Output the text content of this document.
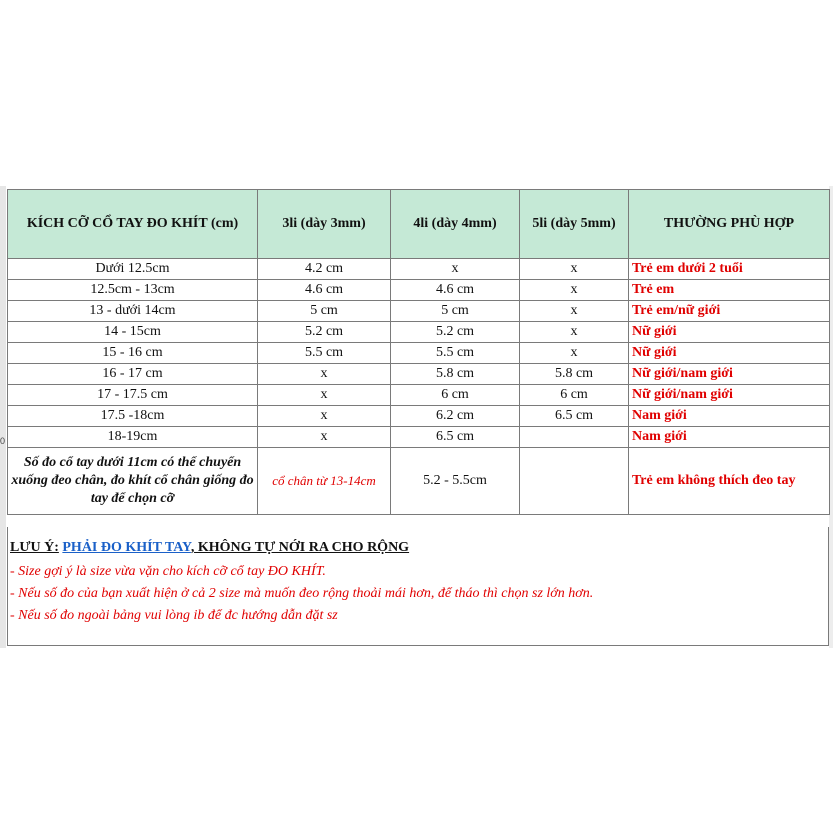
0
KÍCH CỠ CỔ TAY ĐO KHÍT (cm)	3li (dày 3mm)	4li (dày 4mm)	5li (dày 5mm)	THƯỜNG PHÙ HỢP
Dưới 12.5cm	4.2 cm	x	x	Trẻ em dưới 2 tuổi
12.5cm - 13cm	4.6 cm	4.6 cm	x	Trẻ em
13 - dưới 14cm	5 cm	5 cm	x	Trẻ em/nữ giới
14 - 15cm	5.2 cm	5.2 cm	x	Nữ giới
15 - 16 cm	5.5 cm	5.5 cm	x	Nữ giới
16 - 17 cm	x	5.8 cm	5.8 cm	Nữ giới/nam giới
17 - 17.5 cm	x	6 cm	6 cm	Nữ giới/nam giới
17.5 -18cm	x	6.2 cm	6.5 cm	Nam giới
18-19cm	x	6.5 cm		Nam giới
Số đo cổ tay dưới 11cm có thể chuyển xuống đeo chân, đo khít cổ chân giống đo tay để chọn cỡ	cổ chân từ 13-14cm	5.2 - 5.5cm		Trẻ em không thích đeo tay
LƯU Ý: PHẢI ĐO KHÍT TAY, KHÔNG TỰ NỚI RA CHO RỘNG
- Size gợi ý là size vừa vặn cho kích cỡ cổ tay ĐO KHÍT.
- Nếu số đo của bạn xuất hiện ở cả 2 size mà muốn đeo rộng thoải mái hơn, để tháo thì chọn sz lớn hơn.
- Nếu số đo ngoài bảng vui lòng ib để đc hướng dẫn đặt sz
